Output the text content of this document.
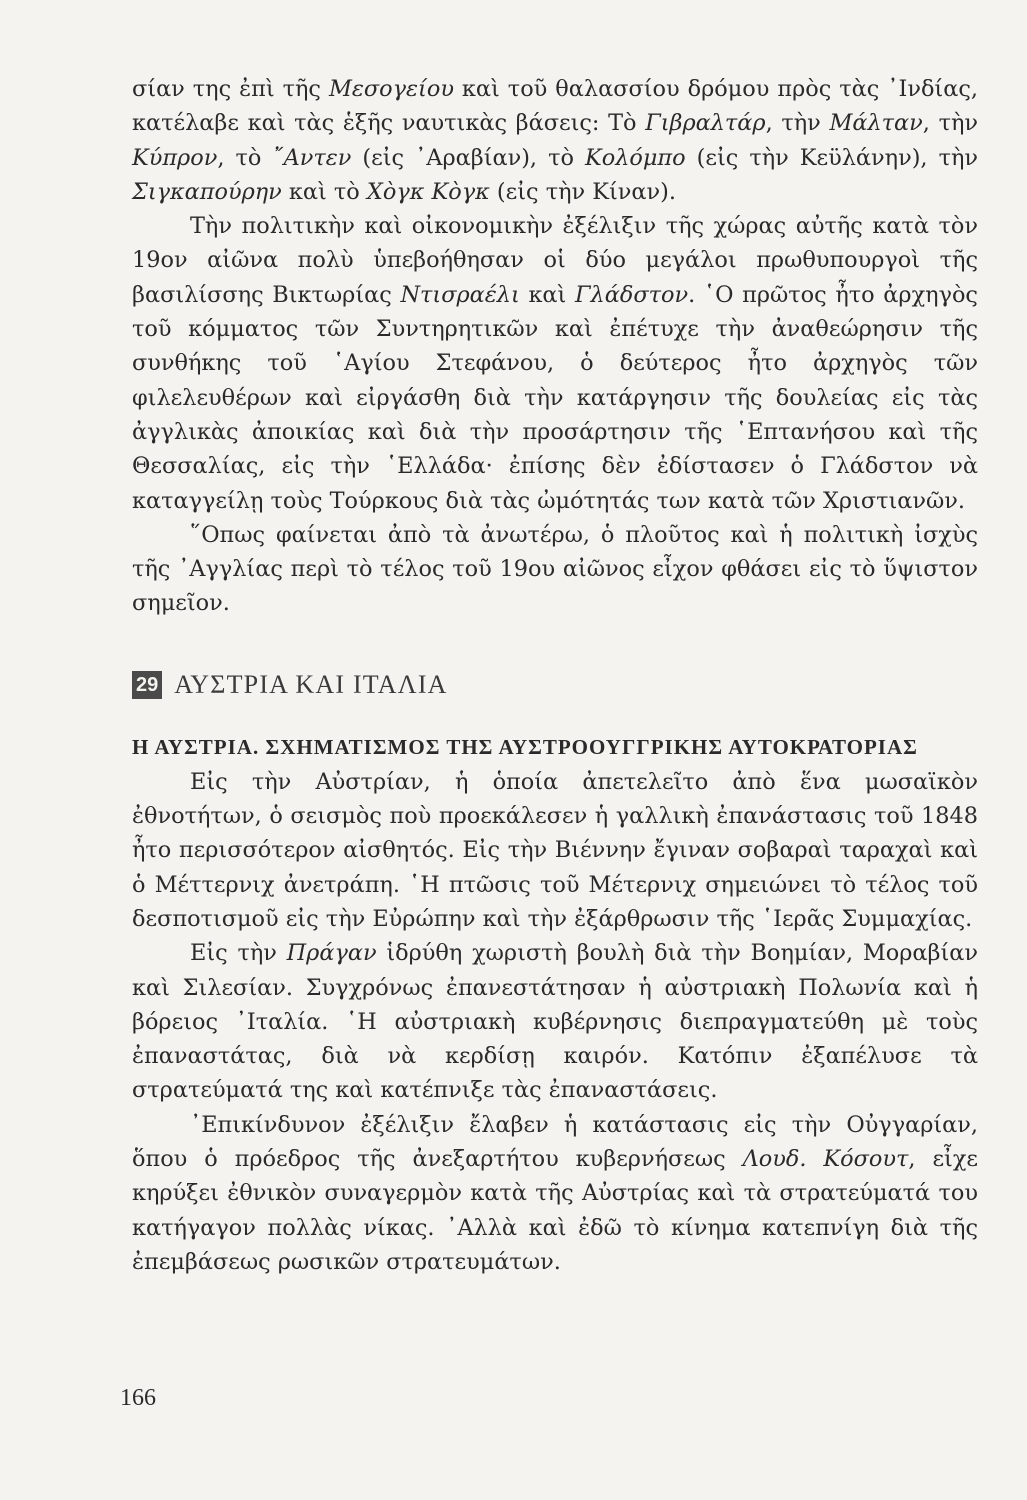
σίαν της ἐπὶ τῆς Μεσογείου καὶ τοῦ θαλασσίου δρόμου πρὸς τὰς ᾿Ινδίας, κατέλαβε καὶ τὰς ἑξῆς ναυτικὰς βάσεις: Τὸ Γιβραλτάρ, τὴν Μάλταν, τὴν Κύπρον, τὸ ῎Αντεν (εἰς ᾿Αραβίαν), τὸ Κολόμπο (εἰς τὴν Κεϋλάνην), τὴν Σιγκαπούρην καὶ τὸ Χὸγκ Κὸγκ (εἰς τὴν Κίναν).

Τὴν πολιτικὴν καὶ οἰκονομικὴν ἐξέλιξιν τῆς χώρας αὐτῆς κατὰ τὸν 19ον αἰῶνα πολὺ ὑπεβοήθησαν οἱ δύο μεγάλοι πρωθυπουργοὶ τῆς βασιλίσσης Βικτωρίας Ντισραέλι καὶ Γλάδστον. ῾Ο πρῶτος ἦτο ἀρχηγὸς τοῦ κόμματος τῶν Συντηρητικῶν καὶ ἐπέτυχε τὴν ἀναθεώρησιν τῆς συνθήκης τοῦ ῾Αγίου Στεφάνου, ὁ δεύτερος ἦτο ἀρχηγὸς τῶν φιλελευθέρων καὶ εἰργάσθη διὰ τὴν κατάργησιν τῆς δουλείας εἰς τὰς ἀγγλικὰς ἀποικίας καὶ διὰ τὴν προσάρτησιν τῆς ῾Επτανήσου καὶ τῆς Θεσσαλίας, εἰς τὴν ῾Ελλάδα· ἐπίσης δὲν ἐδίστασεν ὁ Γλάδστον νὰ καταγγείλῃ τοὺς Τούρκους διὰ τὰς ὠμότητάς των κατὰ τῶν Χριστιανῶν.

῞Οπως φαίνεται ἀπὸ τὰ ἀνωτέρω, ὁ πλοῦτος καὶ ἡ πολιτικὴ ἰσχὺς τῆς ᾿Αγγλίας περὶ τὸ τέλος τοῦ 19ου αἰῶνος εἶχον φθάσει εἰς τὸ ὕψιστον σημεῖον.

29 ΑΥΣΤΡΙΑ ΚΑΙ ΙΤΑΛΙΑ
Η ΑΥΣΤΡΙΑ. ΣΧΗΜΑΤΙΣΜΟΣ ΤΗΣ ΑΥΣΤΡΟΟΥΓΓΡΙΚΗΣ ΑΥΤΟΚΡΑΤΟΡΙΑΣ

Εἰς τὴν Αὐστρίαν, ἡ ὁποία ἀπετελεῖτο ἀπὸ ἕνα μωσαϊκὸν ἐθνοτήτων, ὁ σεισμὸς ποὺ προεκάλεσεν ἡ γαλλικὴ ἐπανάστασις τοῦ 1848 ἦτο περισσότερον αἰσθητός. Εἰς τὴν Βιέννην ἔγιναν σοβαραὶ ταραχαὶ καὶ ὁ Μέττερνιχ ἀνετράπη. ῾Η πτῶσις τοῦ Μέτερνιχ σημειώνει τὸ τέλος τοῦ δεσποτισμοῦ εἰς τὴν Εὐρώπην καὶ τὴν ἐξάρθρωσιν τῆς ῾Ιερᾶς Συμμαχίας.

Εἰς τὴν Πράγαν ἱδρύθη χωριστὴ βουλὴ διὰ τὴν Βοημίαν, Μοραβίαν καὶ Σιλεσίαν. Συγχρόνως ἐπανεστάτησαν ἡ αὐστριακὴ Πολωνία καὶ ἡ βόρειος ᾿Ιταλία. ῾Η αὐστριακὴ κυβέρνησις διεπραγματεύθη μὲ τοὺς ἐπαναστάτας, διὰ νὰ κερδίσῃ καιρόν. Κατόπιν ἐξαπέλυσε τὰ στρατεύματά της καὶ κατέπνιξε τὰς ἐπαναστάσεις.

᾿Επικίνδυνον ἐξέλιξιν ἔλαβεν ἡ κατάστασις εἰς τὴν Οὐγγαρίαν, ὅπου ὁ πρόεδρος τῆς ἀνεξαρτήτου κυβερνήσεως Λουδ. Κόσουτ, εἶχε κηρύξει ἐθνικὸν συναγερμὸν κατὰ τῆς Αὐστρίας καὶ τὰ στρατεύματά του κατήγαγον πολλὰς νίκας. ᾿Αλλὰ καὶ ἐδῶ τὸ κίνημα κατεπνίγη διὰ τῆς ἐπεμβάσεως ρωσικῶν στρατευμάτων.

166
